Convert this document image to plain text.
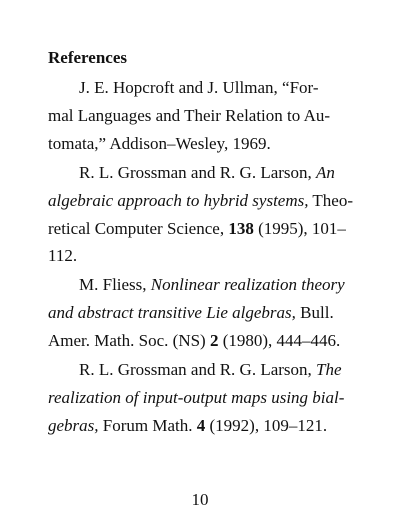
References
J. E. Hopcroft and J. Ullman, “For-
mal Languages and Their Relation to Au-
tomata,” Addison–Wesley, 1969.
R. L. Grossman and R. G. Larson, An
algebraic approach to hybrid systems, Theo-
retical Computer Science, 138 (1995), 101–
112.
M. Fliess, Nonlinear realization theory
and abstract transitive Lie algebras, Bull.
Amer. Math. Soc. (NS) 2 (1980), 444–446.
R. L. Grossman and R. G. Larson, The
realization of input-output maps using bial-
gebras, Forum Math. 4 (1992), 109–121.
10
